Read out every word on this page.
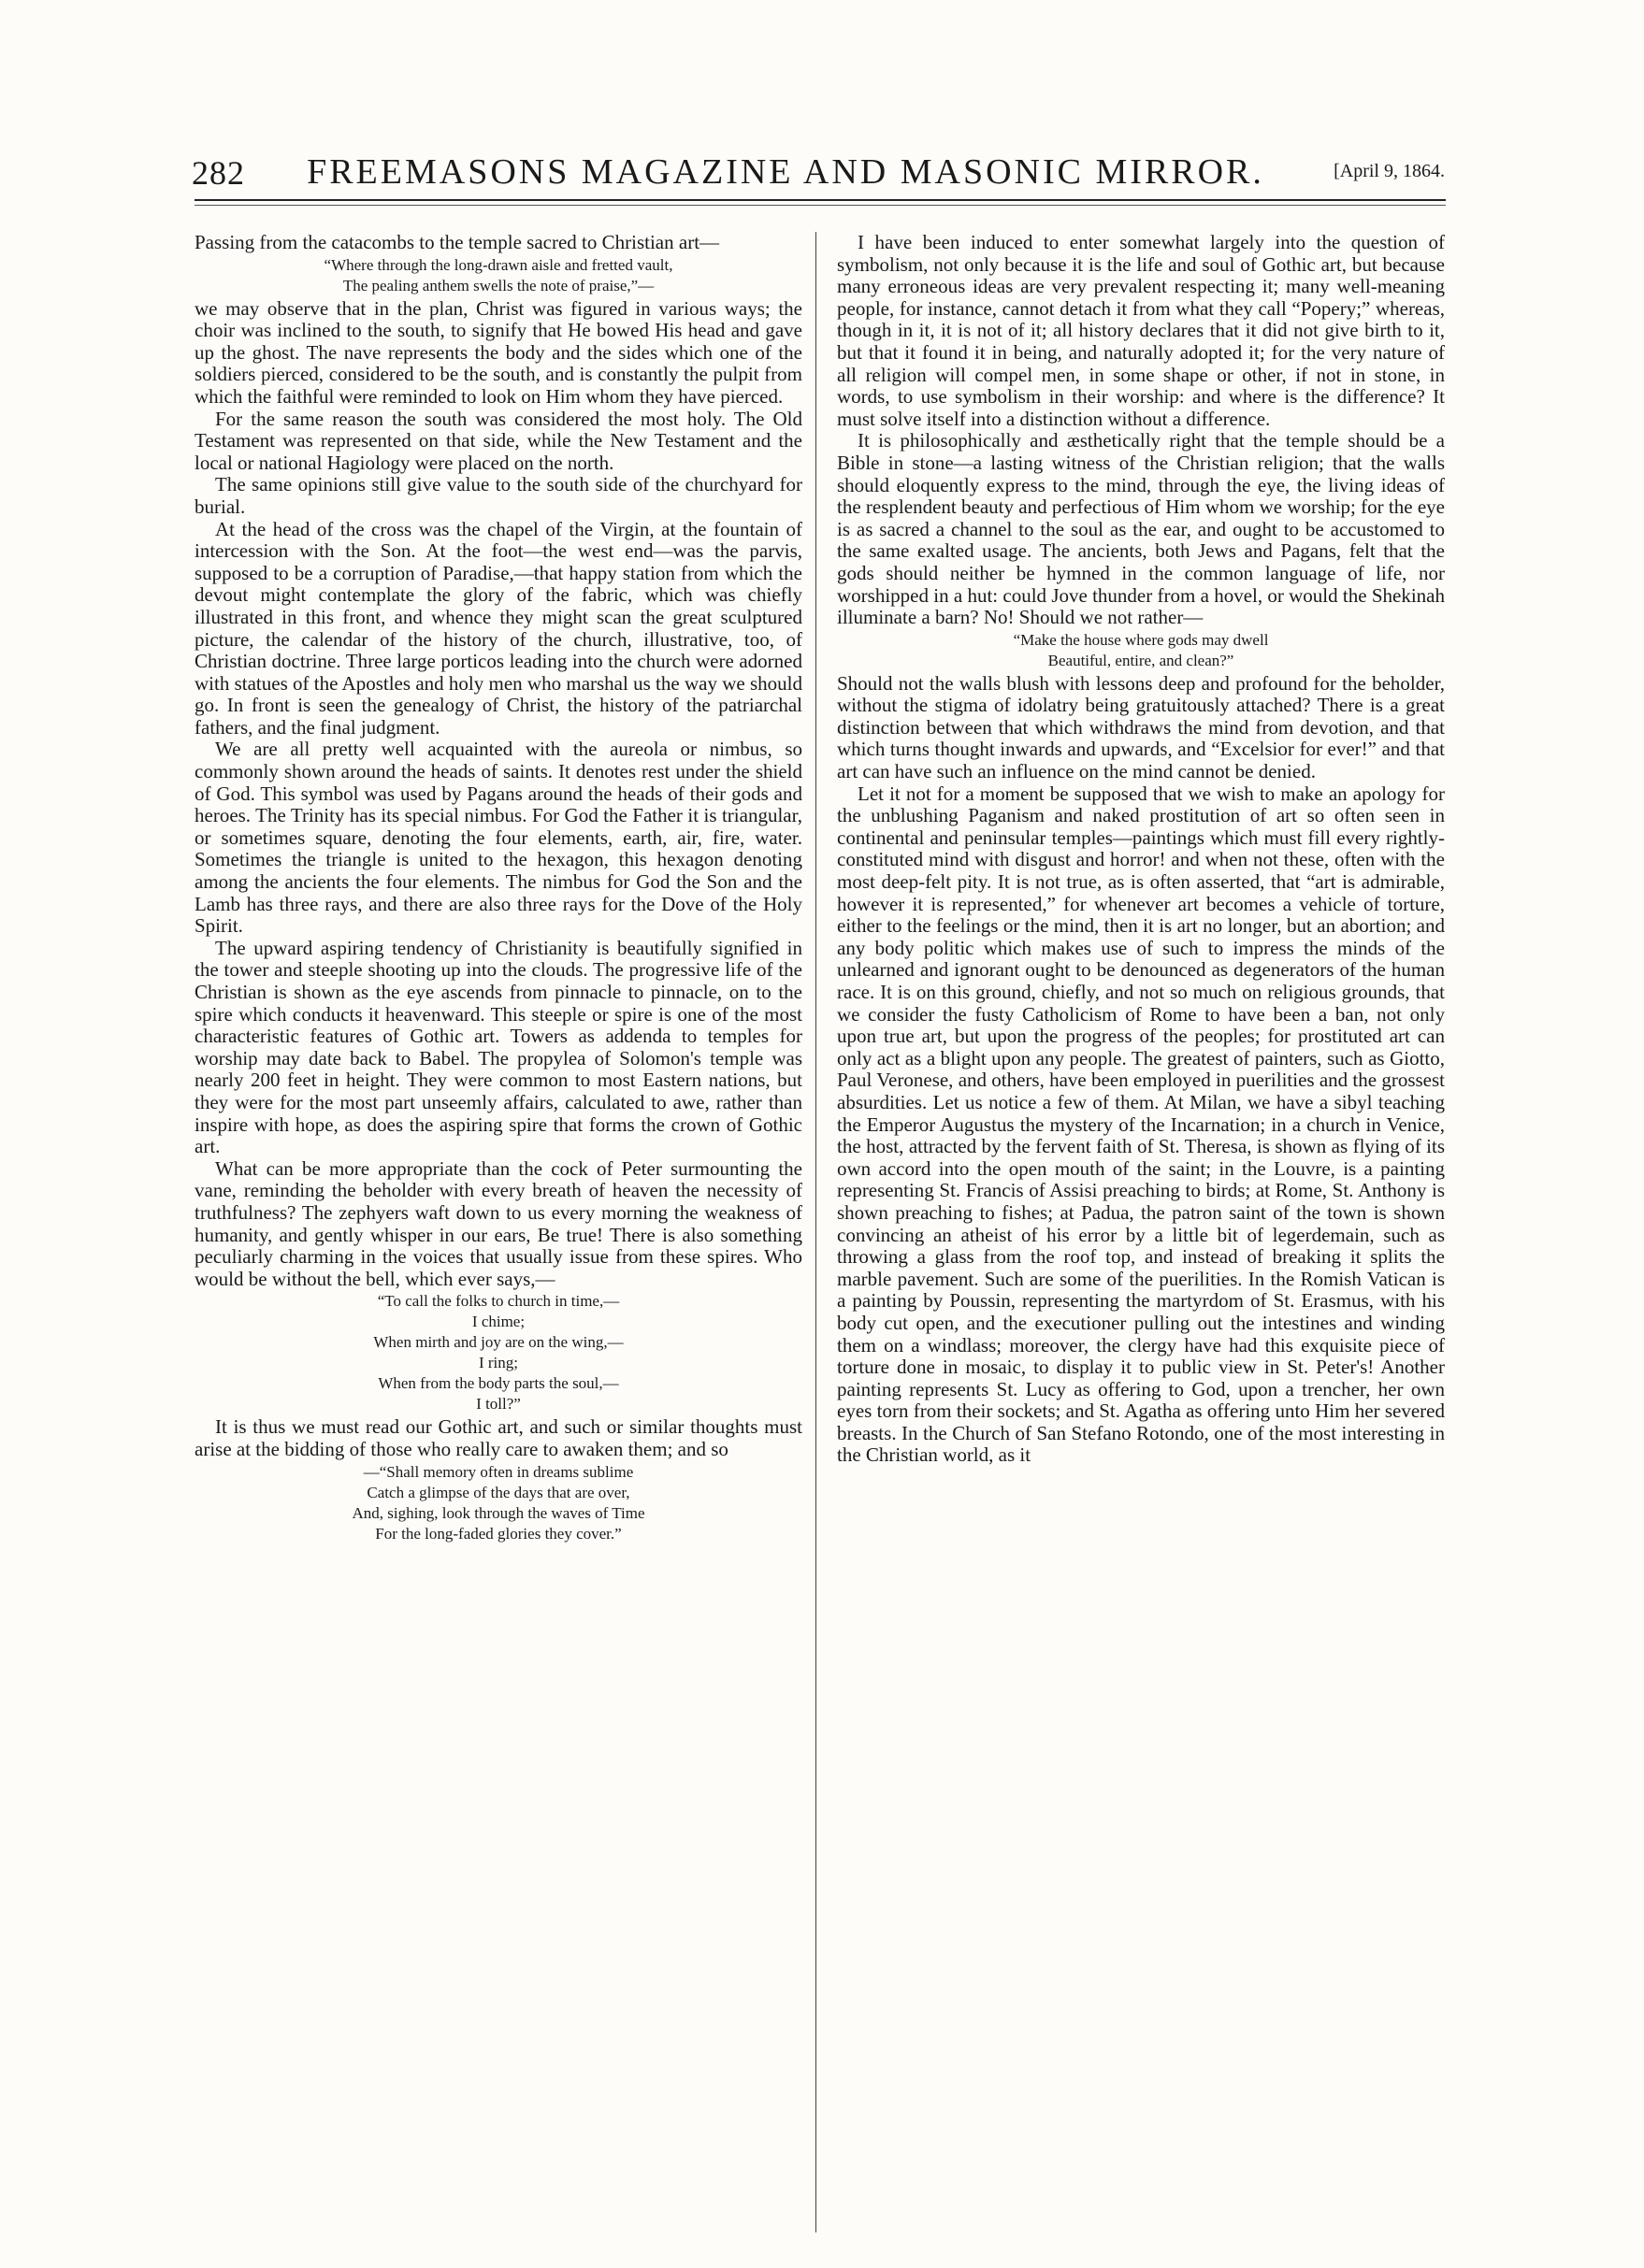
282	FREEMASONS MAGAZINE AND MASONIC MIRROR.	[April 9, 1864.

Passing from the catacombs to the temple sacred to Christian art—

“Where through the long-drawn aisle and fretted vault,
The pealing anthem swells the note of praise,”—

we may observe that in the plan, Christ was figured in various ways; the choir was inclined to the south, to signify that He bowed His head and gave up the ghost. The nave represents the body and the sides which one of the soldiers pierced, considered to be the south, and is constantly the pulpit from which the faithful were reminded to look on Him whom they have pierced.

For the same reason the south was considered the most holy. The Old Testament was represented on that side, while the New Testament and the local or national Hagiology were placed on the north.

The same opinions still give value to the south side of the churchyard for burial.

At the head of the cross was the chapel of the Virgin, at the fountain of intercession with the Son. At the foot—the west end—was the parvis, supposed to be a corruption of Paradise,—that happy station from which the devout might contemplate the glory of the fabric, which was chiefly illustrated in this front, and whence they might scan the great sculptured picture, the calendar of the history of the church, illustrative, too, of Christian doctrine. Three large porticos leading into the church were adorned with statues of the Apostles and holy men who marshal us the way we should go. In front is seen the genealogy of Christ, the history of the patriarchal fathers, and the final judgment.

We are all pretty well acquainted with the aureola or nimbus, so commonly shown around the heads of saints. It denotes rest under the shield of God. This symbol was used by Pagans around the heads of their gods and heroes. The Trinity has its special nimbus. For God the Father it is triangular, or sometimes square, denoting the four elements, earth, air, fire, water. Sometimes the triangle is united to the hexagon, this hexagon denoting among the ancients the four elements. The nimbus for God the Son and the Lamb has three rays, and there are also three rays for the Dove of the Holy Spirit.

The upward aspiring tendency of Christianity is beautifully signified in the tower and steeple shooting up into the clouds. The progressive life of the Christian is shown as the eye ascends from pinnacle to pinnacle, on to the spire which conducts it heavenward. This steeple or spire is one of the most characteristic features of Gothic art. Towers as addenda to temples for worship may date back to Babel. The propylea of Solomon's temple was nearly 200 feet in height. They were common to most Eastern nations, but they were for the most part unseemly affairs, calculated to awe, rather than inspire with hope, as does the aspiring spire that forms the crown of Gothic art.

What can be more appropriate than the cock of Peter surmounting the vane, reminding the beholder with every breath of heaven the necessity of truthfulness? The zephyers waft down to us every morning the weakness of humanity, and gently whisper in our ears, Be true! There is also something peculiarly charming in the voices that usually issue from these spires. Who would be without the bell, which ever says,—

“To call the folks to church in time,—
I chime;
When mirth and joy are on the wing,—
I ring;
When from the body parts the soul,—
I toll?”

It is thus we must read our Gothic art, and such or similar thoughts must arise at the bidding of those who really care to awaken them; and so

—“Shall memory often in dreams sublime
Catch a glimpse of the days that are over,
And, sighing, look through the waves of Time
For the long-faded glories they cover.”

I have been induced to enter somewhat largely into the question of symbolism, not only because it is the life and soul of Gothic art, but because many erroneous ideas are very prevalent respecting it; many well-meaning people, for instance, cannot detach it from what they call “Popery;” whereas, though in it, it is not of it; all history declares that it did not give birth to it, but that it found it in being, and naturally adopted it; for the very nature of all religion will compel men, in some shape or other, if not in stone, in words, to use symbolism in their worship: and where is the difference? It must solve itself into a distinction without a difference.

It is philosophically and æsthetically right that the temple should be a Bible in stone—a lasting witness of the Christian religion; that the walls should eloquently express to the mind, through the eye, the living ideas of the resplendent beauty and perfectious of Him whom we worship; for the eye is as sacred a channel to the soul as the ear, and ought to be accustomed to the same exalted usage. The ancients, both Jews and Pagans, felt that the gods should neither be hymned in the common language of life, nor worshipped in a hut: could Jove thunder from a hovel, or would the Shekinah illuminate a barn? No! Should we not rather—

“Make the house where gods may dwell
Beautiful, entire, and clean?”

Should not the walls blush with lessons deep and profound for the beholder, without the stigma of idolatry being gratuitously attached? There is a great distinction between that which withdraws the mind from devotion, and that which turns thought inwards and upwards, and “Excelsior for ever!” and that art can have such an influence on the mind cannot be denied.

Let it not for a moment be supposed that we wish to make an apology for the unblushing Paganism and naked prostitution of art so often seen in continental and peninsular temples—paintings which must fill every rightly-constituted mind with disgust and horror! and when not these, often with the most deep-felt pity. It is not true, as is often asserted, that “art is admirable, however it is represented,” for whenever art becomes a vehicle of torture, either to the feelings or the mind, then it is art no longer, but an abortion; and any body politic which makes use of such to impress the minds of the unlearned and ignorant ought to be denounced as degenerators of the human race. It is on this ground, chiefly, and not so much on religious grounds, that we consider the fusty Catholicism of Rome to have been a ban, not only upon true art, but upon the progress of the peoples; for prostituted art can only act as a blight upon any people. The greatest of painters, such as Giotto, Paul Veronese, and others, have been employed in puerilities and the grossest absurdities. Let us notice a few of them. At Milan, we have a sibyl teaching the Emperor Augustus the mystery of the Incarnation; in a church in Venice, the host, attracted by the fervent faith of St. Theresa, is shown as flying of its own accord into the open mouth of the saint; in the Louvre, is a painting representing St. Francis of Assisi preaching to birds; at Rome, St. Anthony is shown preaching to fishes; at Padua, the patron saint of the town is shown convincing an atheist of his error by a little bit of legerdemain, such as throwing a glass from the roof top, and instead of breaking it splits the marble pavement. Such are some of the puerilities. In the Romish Vatican is a painting by Poussin, representing the martyrdom of St. Erasmus, with his body cut open, and the executioner pulling out the intestines and winding them on a windlass; moreover, the clergy have had this exquisite piece of torture done in mosaic, to display it to public view in St. Peter's! Another painting represents St. Lucy as offering to God, upon a trencher, her own eyes torn from their sockets; and St. Agatha as offering unto Him her severed breasts. In the Church of San Stefano Rotondo, one of the most interesting in the Christian world, as it
